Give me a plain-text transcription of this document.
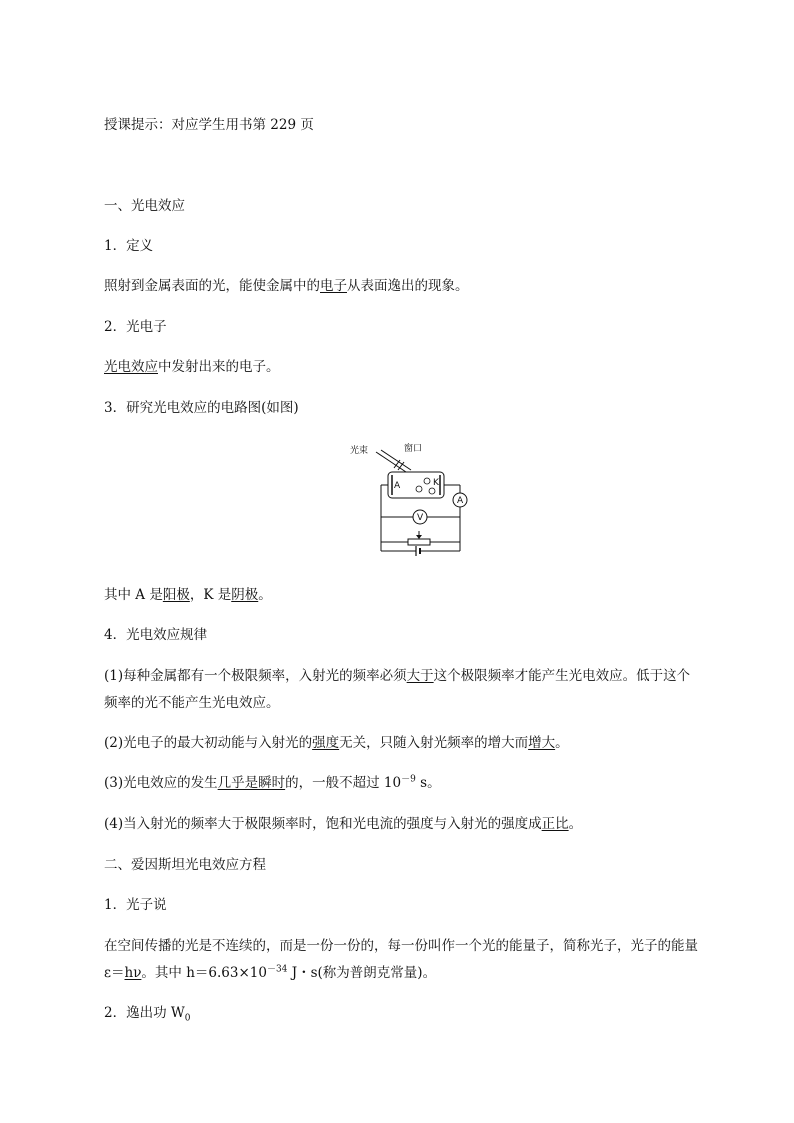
授课提示：对应学生用书第 229 页
一、光电效应
1．定义
照射到金属表面的光，能使金属中的电子从表面逸出的现象。
2．光电子
光电效应中发射出来的电子。
3．研究光电效应的电路图(如图)
光束	窗口
A	K
A
V
其中 A 是阳极，K 是阴极。
4．光电效应规律
(1)每种金属都有一个极限频率，入射光的频率必须大于这个极限频率才能产生光电效应。低于这个
频率的光不能产生光电效应。
(2)光电子的最大初动能与入射光的强度无关，只随入射光频率的增大而增大。
(3)光电效应的发生几乎是瞬时的，一般不超过 $10^{-9}$ s。
(4)当入射光的频率大于极限频率时，饱和光电流的强度与入射光的强度成正比。
二、爱因斯坦光电效应方程
1．光子说
在空间传播的光是不连续的，而是一份一份的，每一份叫作一个光的能量子，简称光子，光子的能量
ε＝hν。其中 $h=6.63\times 10^{-34}$ J・s(称为普朗克常量)。
2．逸出功 $W_0$
